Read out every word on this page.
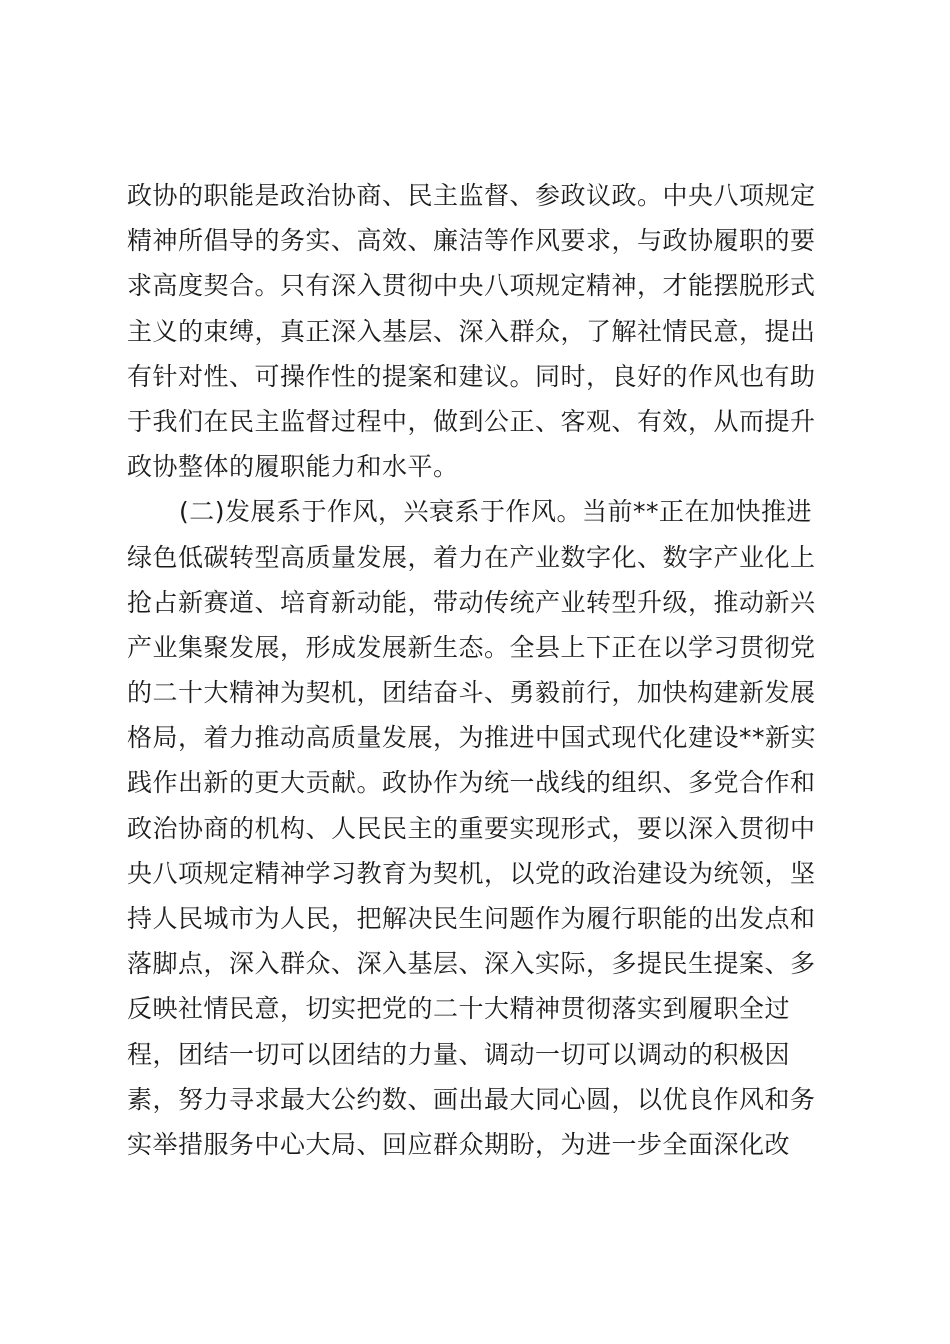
政协的职能是政治协商、民主监督、参政议政。中央八项规定
精神所倡导的务实、高效、廉洁等作风要求，与政协履职的要
求高度契合。只有深入贯彻中央八项规定精神，才能摆脱形式
主义的束缚，真正深入基层、深入群众，了解社情民意，提出
有针对性、可操作性的提案和建议。同时，良好的作风也有助
于我们在民主监督过程中，做到公正、客观、有效，从而提升
政协整体的履职能力和水平。
(二)发展系于作风，兴衰系于作风。当前**正在加快推进
绿色低碳转型高质量发展，着力在产业数字化、数字产业化上
抢占新赛道、培育新动能，带动传统产业转型升级，推动新兴
产业集聚发展，形成发展新生态。全县上下正在以学习贯彻党
的二十大精神为契机，团结奋斗、勇毅前行，加快构建新发展
格局，着力推动高质量发展，为推进中国式现代化建设**新实
践作出新的更大贡献。政协作为统一战线的组织、多党合作和
政治协商的机构、人民民主的重要实现形式，要以深入贯彻中
央八项规定精神学习教育为契机，以党的政治建设为统领，坚
持人民城市为人民，把解决民生问题作为履行职能的出发点和
落脚点，深入群众、深入基层、深入实际，多提民生提案、多
反映社情民意，切实把党的二十大精神贯彻落实到履职全过
程，团结一切可以团结的力量、调动一切可以调动的积极因
素，努力寻求最大公约数、画出最大同心圆，以优良作风和务
实举措服务中心大局、回应群众期盼，为进一步全面深化改
